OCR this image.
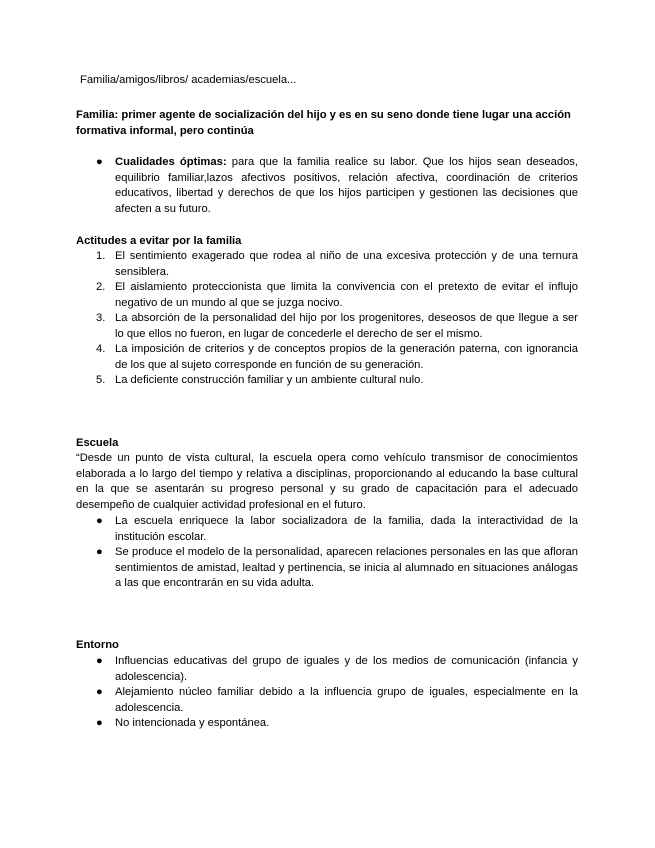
Familia/amigos/libros/ academias/escuela...
Familia: primer agente de socialización del hijo y es en su seno donde tiene lugar una acción formativa informal, pero continúa
●	Cualidades óptimas: para que la familia realice su labor. Que los hijos sean deseados, equilibrio familiar,lazos afectivos positivos, relación afectiva, coordinación de criterios educativos, libertad y derechos de que los hijos participen y gestionen las decisiones que afecten a su futuro.
Actitudes a evitar por la familia
1. El sentimiento exagerado que rodea al niño de una excesiva protección y de una ternura sensiblera.
2. El aislamiento proteccionista que limita la convivencia con el pretexto de evitar el influjo negativo de un mundo al que se juzga nocivo.
3. La absorción de la personalidad del hijo por los progenitores, deseosos de que llegue a ser lo que ellos no fueron, en lugar de concederle el derecho de ser el mismo.
4. La imposición de criterios y de conceptos propios de la generación paterna, con ignorancia de los que al sujeto corresponde en función de su generación.
5. La deficiente construcción familiar y un ambiente cultural nulo.
Escuela
“Desde un punto de vista cultural, la escuela opera como vehículo transmisor de conocimientos elaborada a lo largo del tiempo y relativa a disciplinas, proporcionando al educando la base cultural en la que se asentarán su progreso personal y su grado de capacitación para el adecuado desempeño de cualquier actividad profesional en el futuro.
●	La escuela enriquece la labor socializadora de la familia, dada la interactividad de la institución escolar.
●	Se produce el modelo de la personalidad, aparecen relaciones personales en las que afloran sentimientos de amistad, lealtad y pertinencia, se inicia al alumnado en situaciones análogas a las que encontrarán en su vida adulta.
Entorno
●	Influencias educativas del grupo de iguales y de los medios de comunicación (infancia y adolescencia).
●	Alejamiento núcleo familiar debido a la influencia grupo de iguales, especialmente en la adolescencia.
●	No intencionada y espontánea.
